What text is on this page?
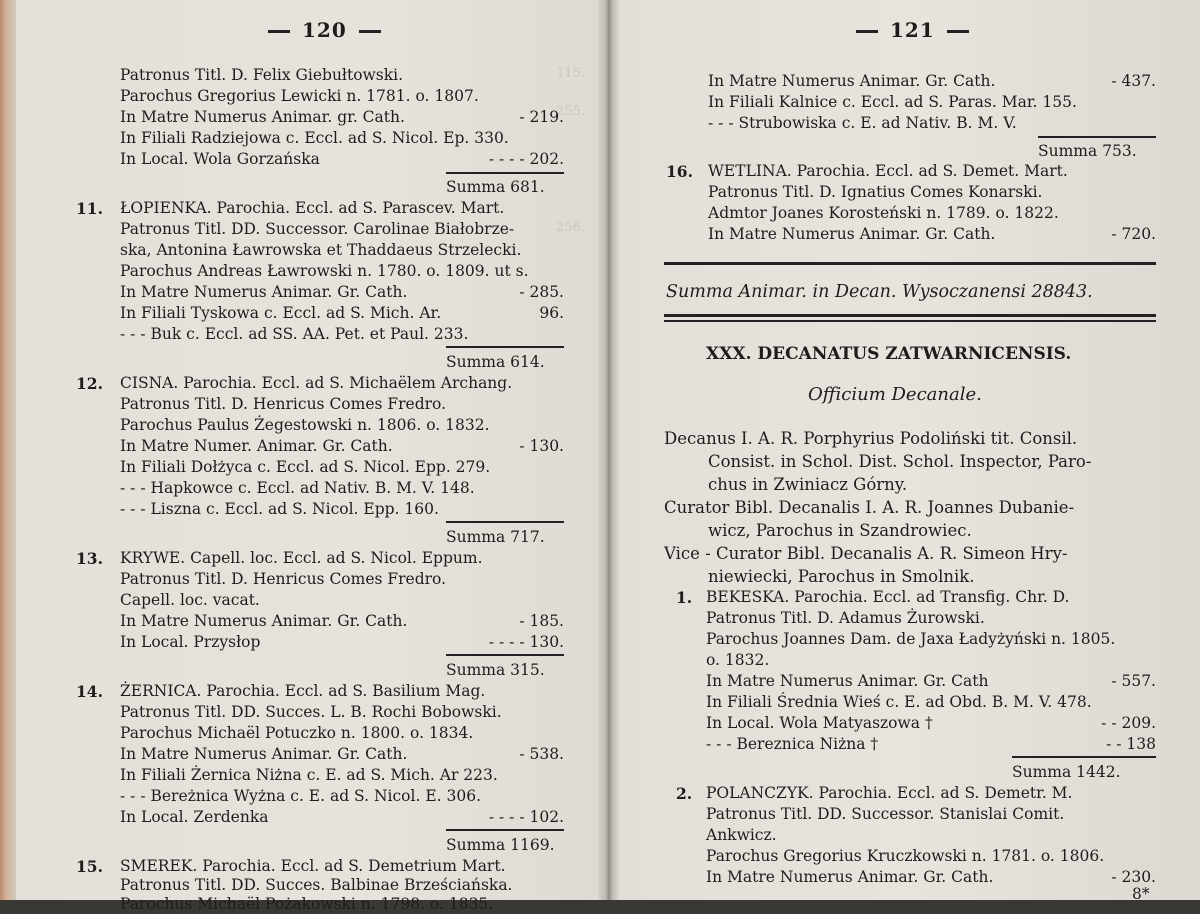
120
115.
255.
256.
Patronus Titl. D. Felix Giebułtowski.
Parochus Gregorius Lewicki n. 1781. o. 1807.
In Matre Numerus Animar. gr. Cath.	- 219.
In Filiali Radziejowa c. Eccl. ad S. Nicol. Ep. 330.
In Local. Wola Gorzańska	- - - - 202.
Summa 681.
11. ŁOPIENKA. Parochia. Eccl. ad S. Parascev. Mart.
Patronus Titl. DD. Successor. Carolinae Białobrze-
ska, Antonina Ławrowska et Thaddaeus Strzelecki.
Parochus Andreas Ławrowski n. 1780. o. 1809. ut s.
In Matre Numerus Animar. Gr. Cath.	- 285.
In Filiali Tyskowa c. Eccl. ad S. Mich. Ar.	96.
- - - Buk c. Eccl. ad SS. AA. Pet. et Paul. 233.
Summa 614.
12. CISNA. Parochia. Eccl. ad S. Michaëlem Archang.
Patronus Titl. D. Henricus Comes Fredro.
Parochus Paulus Żegestowski n. 1806. o. 1832.
In Matre Numer. Animar. Gr. Cath.	- 130.
In Filiali Dołżyca c. Eccl. ad S. Nicol. Epp. 279.
- - - Hapkowce c. Eccl. ad Nativ. B. M. V. 148.
- - - Liszna c. Eccl. ad S. Nicol. Epp. 160.
Summa 717.
13. KRYWE. Capell. loc. Eccl. ad S. Nicol. Eppum.
Patronus Titl. D. Henricus Comes Fredro.
Capell. loc. vacat.
In Matre Numerus Animar. Gr. Cath.	- 185.
In Local. Przysłop	- - - - 130.
Summa 315.
14. ŻERNICA. Parochia. Eccl. ad S. Basilium Mag.
Patronus Titl. DD. Succes. L. B. Rochi Bobowski.
Parochus Michaël Potuczko n. 1800. o. 1834.
In Matre Numerus Animar. Gr. Cath.	- 538.
In Filiali Żernica Niżna c. E. ad S. Mich. Ar 223.
- - - Bereżnica Wyżna c. E. ad S. Nicol. E. 306.
In Local. Zerdenka	- - - - 102.
Summa 1169.
15. SMEREK. Parochia. Eccl. ad S. Demetrium Mart.
Patronus Titl. DD. Succes. Balbinae Brześciańska.
Parochus Michaël Pożakowski n. 1798. o. 1835.
121
Summa Animar. in Decan. Wysoczanensi 28843.
XXX. DECANATUS ZATWARNICENSIS.
Officium Decanale.
In Matre Numerus Animar. Gr. Cath.	- 437.
In Filiali Kalnice c. Eccl. ad S. Paras. Mar. 155.
- - - Strubowiska c. E. ad Nativ. B. M. V.
Summa 753.
16. WETLINA. Parochia. Eccl. ad S. Demet. Mart.
Patronus Titl. D. Ignatius Comes Konarski.
Admtor Joanes Korosteński n. 1789. o. 1822.
In Matre Numerus Animar. Gr. Cath.	- 720.
1. BEKESKA. Parochia. Eccl. ad Transfig. Chr. D.
Patronus Titl. D. Adamus Żurowski.
Parochus Joannes Dam. de Jaxa Ładyżyński n. 1805.
o. 1832.
In Matre Numerus Animar. Gr. Cath	- 557.
In Filiali Średnia Wieś c. E. ad Obd. B. M. V. 478.
In Local. Wola Matyaszowa †	- - 209.
- - - Bereznica Niżna †	- - 138
Summa 1442.
2. POLANCZYK. Parochia. Eccl. ad S. Demetr. M.
Patronus Titl. DD. Successor. Stanislai Comit.
Ankwicz.
Parochus Gregorius Kruczkowski n. 1781. o. 1806.
In Matre Numerus Animar. Gr. Cath.	- 230.
8*
Decanus I. A. R. Porphyrius Podoliński tit. Consil.
Consist. in Schol. Dist. Schol. Inspector, Paro-
chus in Zwiniacz Górny.
Curator Bibl. Decanalis I. A. R. Joannes Dubanie-
wicz, Parochus in Szandrowiec.
Vice - Curator Bibl. Decanalis A. R. Simeon Hry-
niewiecki, Parochus in Smolnik.
